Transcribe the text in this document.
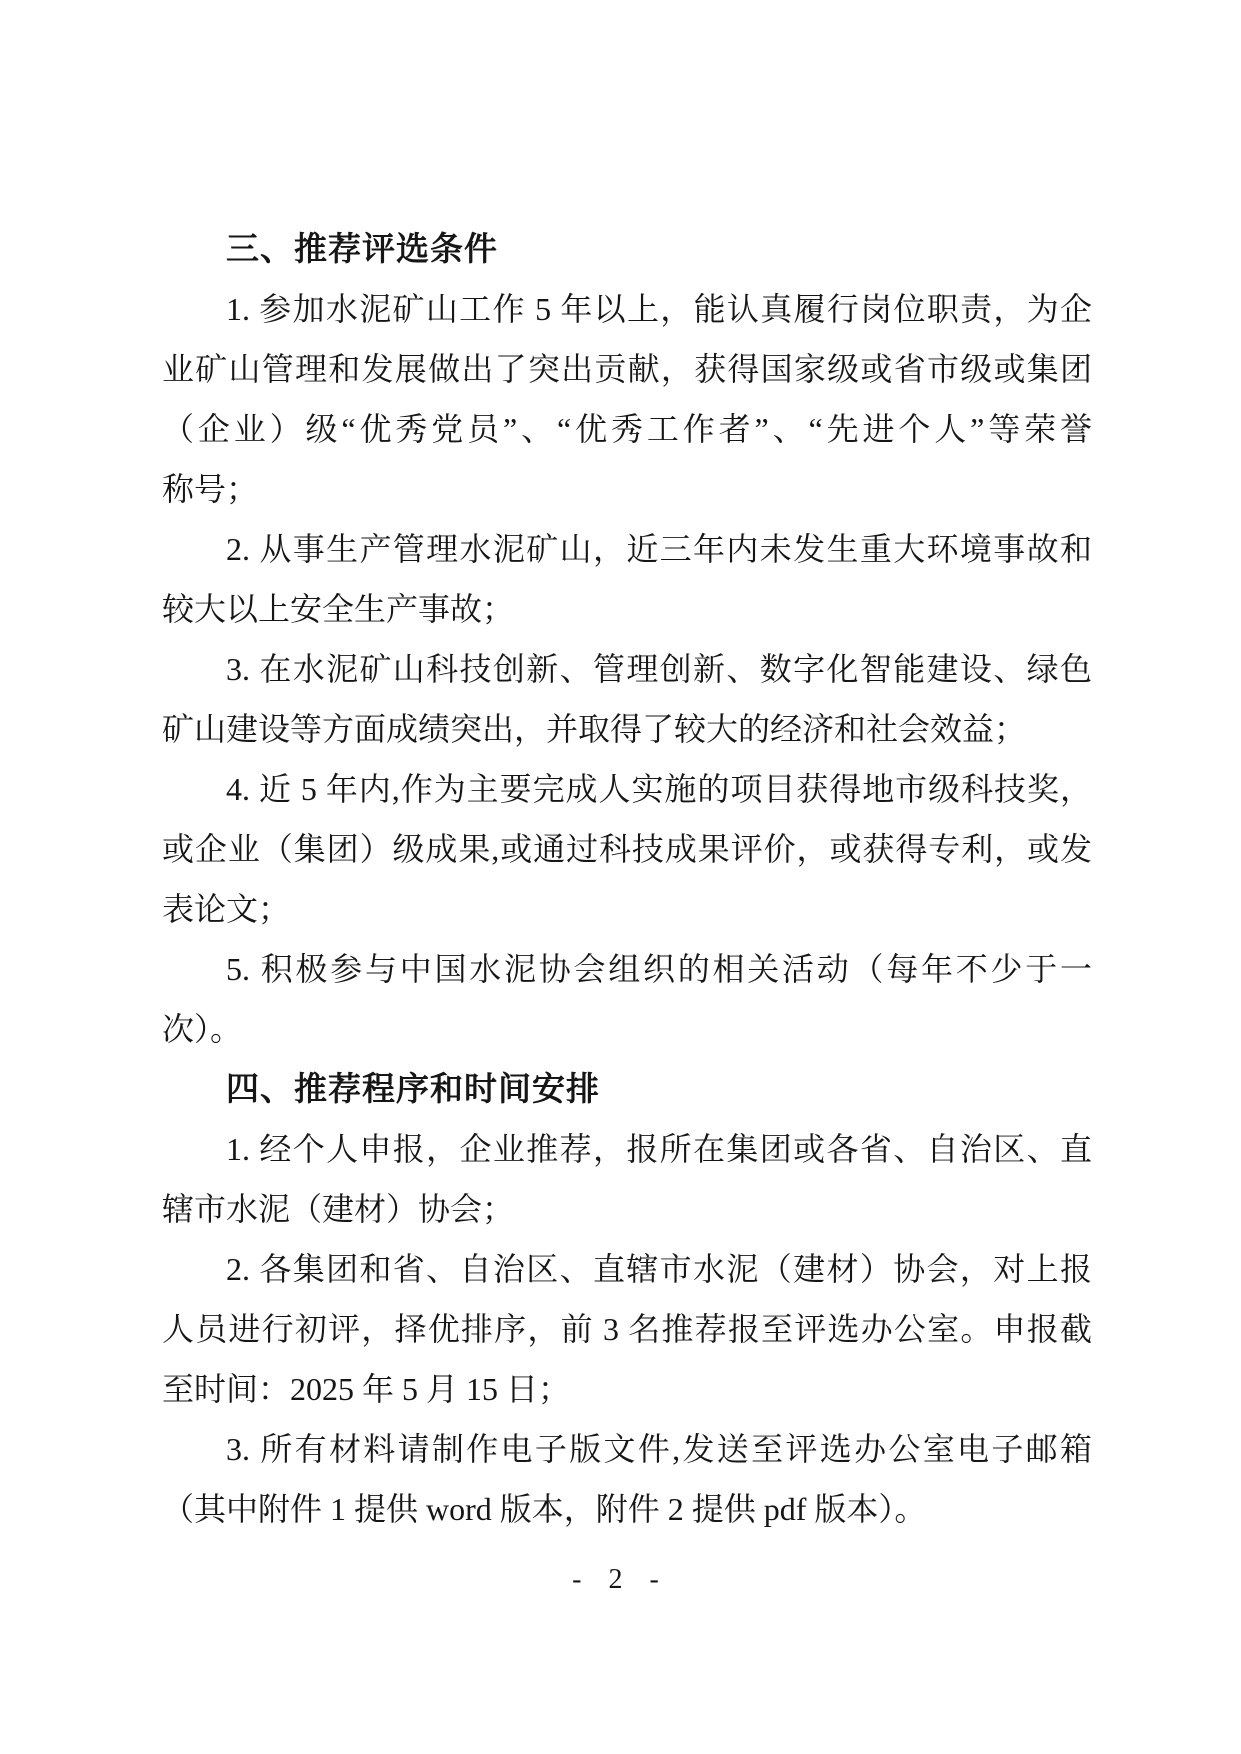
三、推荐评选条件
1. 参加水泥矿山工作 5 年以上，能认真履行岗位职责，为企
业矿山管理和发展做出了突出贡献，获得国家级或省市级或集团
（企业）级“优秀党员”、“优秀工作者”、“先进个人”等荣誉
称号；
2. 从事生产管理水泥矿山，近三年内未发生重大环境事故和
较大以上安全生产事故；
3. 在水泥矿山科技创新、管理创新、数字化智能建设、绿色
矿山建设等方面成绩突出，并取得了较大的经济和社会效益；
4. 近 5 年内,作为主要完成人实施的项目获得地市级科技奖，
或企业（集团）级成果,或通过科技成果评价，或获得专利，或发
表论文；
5. 积极参与中国水泥协会组织的相关活动（每年不少于一
次）。
四、推荐程序和时间安排
1. 经个人申报，企业推荐，报所在集团或各省、自治区、直
辖市水泥（建材）协会；
2. 各集团和省、自治区、直辖市水泥（建材）协会，对上报
人员进行初评，择优排序，前 3 名推荐报至评选办公室。申报截
至时间：2025 年 5 月 15 日；
3. 所有材料请制作电子版文件,发送至评选办公室电子邮箱
（其中附件 1 提供 word 版本，附件 2 提供 pdf 版本）。
- 2 -
